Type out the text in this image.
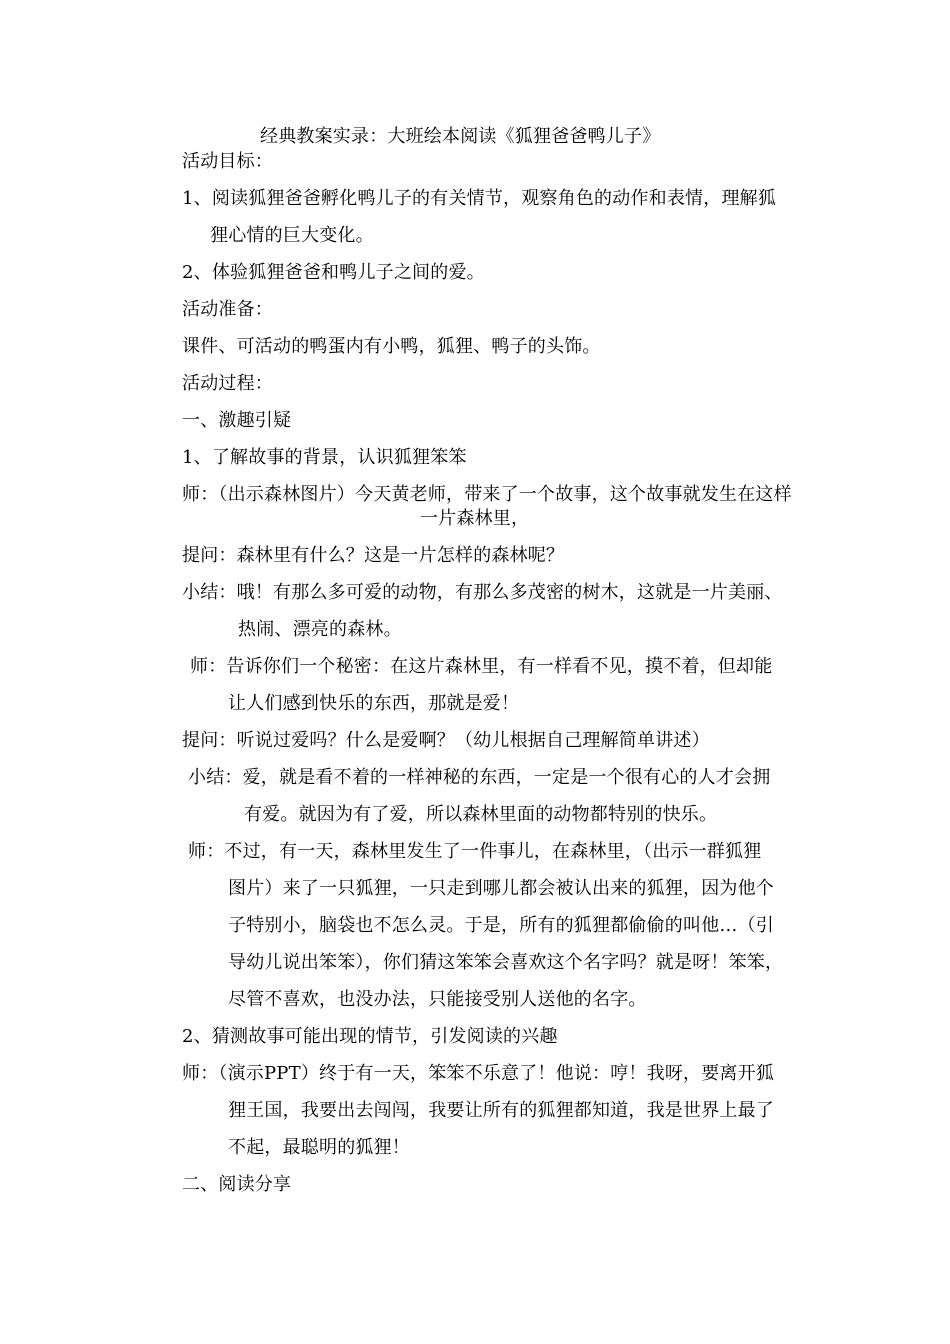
经典教案实录：大班绘本阅读《狐狸爸爸鸭儿子》
活动目标：
1、阅读狐狸爸爸孵化鸭儿子的有关情节，观察角色的动作和表情，理解狐
狸心情的巨大变化。
2、体验狐狸爸爸和鸭儿子之间的爱。
活动准备：
课件、可活动的鸭蛋内有小鸭，狐狸、鸭子的头饰。
活动过程：
一、激趣引疑
1、了解故事的背景，认识狐狸笨笨
师：（出示森林图片）今天黄老师，带来了一个故事，这个故事就发生在这样
一片森林里，
提问：森林里有什么？这是一片怎样的森林呢？
小结：哦！有那么多可爱的动物，有那么多茂密的树木，这就是一片美丽、
热闹、漂亮的森林。
师：告诉你们一个秘密：在这片森林里，有一样看不见，摸不着，但却能
让人们感到快乐的东西，那就是爱！
提问：听说过爱吗？什么是爱啊？（幼儿根据自己理解简单讲述）
小结：爱，就是看不着的一样神秘的东西，一定是一个很有心的人才会拥
有爱。就因为有了爱，所以森林里面的动物都特别的快乐。
师：不过，有一天，森林里发生了一件事儿，在森林里，（出示一群狐狸
图片）来了一只狐狸，一只走到哪儿都会被认出来的狐狸，因为他个
子特别小，脑袋也不怎么灵。于是，所有的狐狸都偷偷的叫他…（引
导幼儿说出笨笨），你们猜这笨笨会喜欢这个名字吗？就是呀！笨笨，
尽管不喜欢，也没办法，只能接受别人送他的名字。
2、猜测故事可能出现的情节，引发阅读的兴趣
师：（演示PPT）终于有一天，笨笨不乐意了！他说：哼！我呀，要离开狐
狸王国，我要出去闯闯，我要让所有的狐狸都知道，我是世界上最了
不起，最聪明的狐狸！
二、阅读分享
